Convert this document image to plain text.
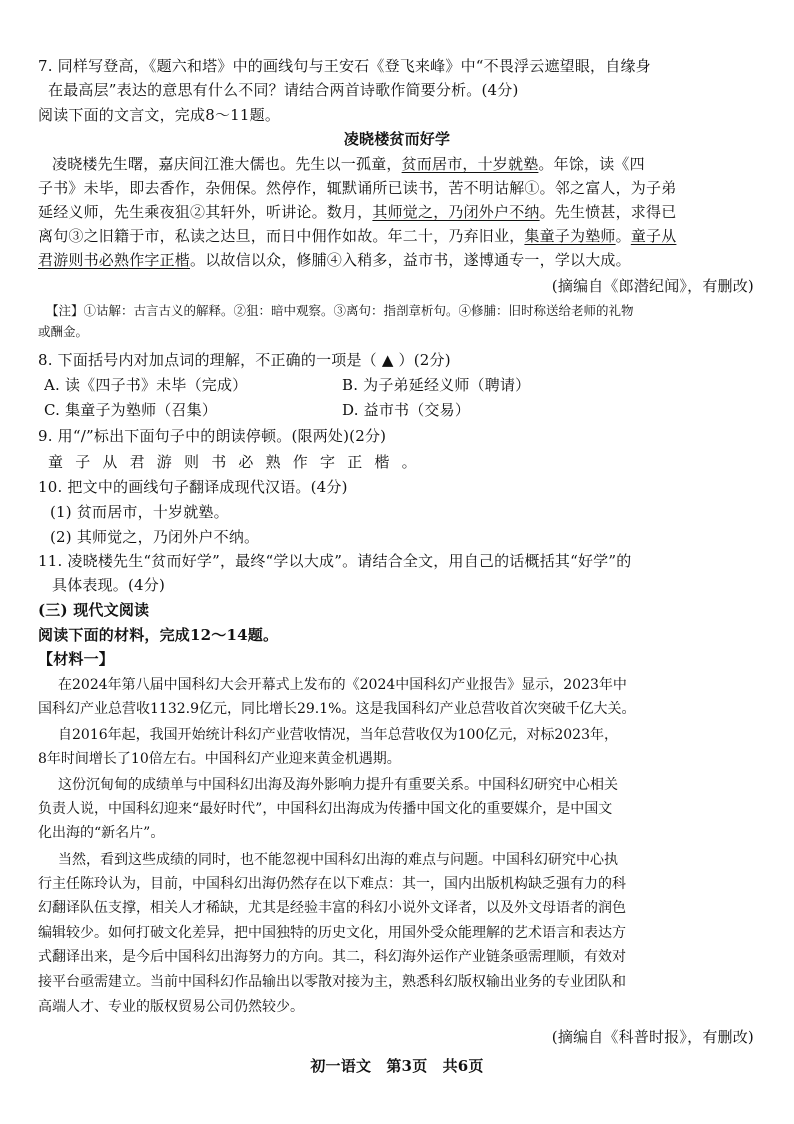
7. 同样写登高，《题六和塔》中的画线句与王安石《登飞来峰》中“不畏浮云遮望眼，自缘身
在最高层”表达的意思有什么不同？请结合两首诗歌作简要分析。(4分)
阅读下面的文言文，完成8～11题。
凌晓楼贫而好学
凌晓楼先生曙，嘉庆间江淮大儒也。先生以一孤童，贫而居市，十岁就塾。年馀，读《四
子书》未毕，即去香作，杂佣保。然停作，辄默诵所已读书，苦不明诂解①。邻之富人，为子弟
延经义师，先生乘夜狙②其轩外，听讲论。数月，其师觉之，乃闭外户不纳。先生愤甚，求得已
离句③之旧籍于市，私读之达旦，而日中佣作如故。年二十，乃弃旧业，集童子为塾师。童子从
君游则书必熟作字正楷。以故信以众，修脯④入稍多，益市书，遂博通专一，学以大成。
(摘编自《郎潜纪闻》，有删改)
【注】①诂解：古言古义的解释。②狙：暗中观察。③离句：指剖章析句。④修脯：旧时称送给老师的礼物
或酬金。
8. 下面括号内对加点词的理解，不正确的一项是（ ▲ ）(2分)
A. 读《四子书》未毕（完成）	B. 为子弟延经义师（聘请）
C. 集童子为塾师（召集）	D. 益市书（交易）
9. 用“/”标出下面句子中的朗读停顿。(限两处)(2分)
童子从君游则书必熟作字正楷。
10. 把文中的画线句子翻译成现代汉语。(4分)
(1) 贫而居市，十岁就塾。
(2) 其师觉之，乃闭外户不纳。
11. 凌晓楼先生“贫而好学”，最终“学以大成”。请结合全文，用自己的话概括其“好学”的
具体表现。(4分)
(三) 现代文阅读
阅读下面的材料，完成12～14题。
【材料一】
在2024年第八届中国科幻大会开幕式上发布的《2024中国科幻产业报告》显示，2023年中
国科幻产业总营收1132.9亿元，同比增长29.1%。这是我国科幻产业总营收首次突破千亿大关。
自2016年起，我国开始统计科幻产业营收情况，当年总营收仅为100亿元，对标2023年，
8年时间增长了10倍左右。中国科幻产业迎来黄金机遇期。
这份沉甸甸的成绩单与中国科幻出海及海外影响力提升有重要关系。中国科幻研究中心相关
负责人说，中国科幻迎来“最好时代”，中国科幻出海成为传播中国文化的重要媒介，是中国文
化出海的“新名片”。
当然，看到这些成绩的同时，也不能忽视中国科幻出海的难点与问题。中国科幻研究中心执
行主任陈玲认为，目前，中国科幻出海仍然存在以下难点：其一，国内出版机构缺乏强有力的科
幻翻译队伍支撑，相关人才稀缺，尤其是经验丰富的科幻小说外文译者，以及外文母语者的润色
编辑较少。如何打破文化差异，把中国独特的历史文化，用国外受众能理解的艺术语言和表达方
式翻译出来，是今后中国科幻出海努力的方向。其二，科幻海外运作产业链条亟需理顺，有效对
接平台亟需建立。当前中国科幻作品输出以零散对接为主，熟悉科幻版权输出业务的专业团队和
高端人才、专业的版权贸易公司仍然较少。
(摘编自《科普时报》，有删改)
初一语文　第3页　共6页
